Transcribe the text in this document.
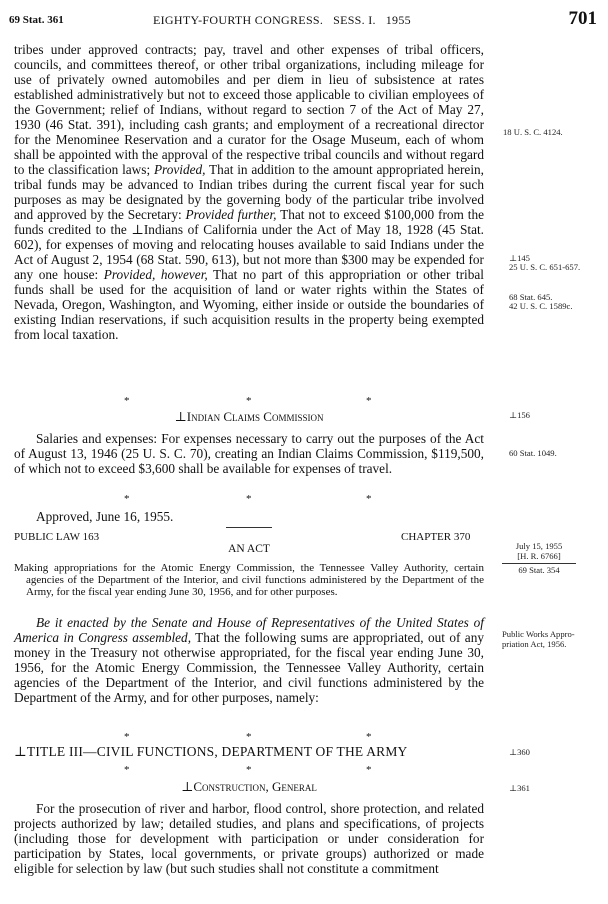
69 Stat. 361	EIGHTY-FOURTH CONGRESS.   SESS. I.   1955	701

tribes under approved contracts; pay, travel and other expenses of tribal officers, councils, and committees thereof, or other tribal organizations, including mileage for use of privately owned automobiles and per diem in lieu of subsistence at rates established administratively but not to exceed those applicable to civilian employees of the Government; relief of Indians, without regard to section 7 of the Act of May 27, 1930 (46 Stat. 391), including cash grants; and employment of a recreational director for the Menominee Reservation and a curator for the Osage Museum, each of whom shall be appointed with the approval of the respective tribal councils and without regard to the classification laws; Provided, That in addition to the amount appropriated herein, tribal funds may be advanced to Indian tribes during the current fiscal year for such purposes as may be designated by the governing body of the particular tribe involved and approved by the Secretary: Provided further, That not to exceed $100,000 from the funds credited to the ⊥Indians of California under the Act of May 18, 1928 (45 Stat. 602), for expenses of moving and relocating houses available to said Indians under the Act of August 2, 1954 (68 Stat. 590, 613), but not more than $300 may be expended for any one house: Provided, however, That no part of this appropriation or other tribal funds shall be used for the acquisition of land or water rights within the States of Nevada, Oregon, Washington, and Wyoming, either inside or outside the boundaries of existing Indian reservations, if such acquisition results in the property being exempted from local taxation.

*	*	*
⊥Indian Claims Commission

Salaries and expenses: For expenses necessary to carry out the purposes of the Act of August 13, 1946 (25 U. S. C. 70), creating an Indian Claims Commission, $119,500, of which not to exceed $3,600 shall be available for expenses of travel.

*	*	*

Approved, June 16, 1955.

PUBLIC LAW 163	CHAPTER 370
AN ACT

Making appropriations for the Atomic Energy Commission, the Tennessee Valley Authority, certain agencies of the Department of the Interior, and civil functions administered by the Department of the Army, for the fiscal year ending June 30, 1956, and for other purposes.

Be it enacted by the Senate and House of Representatives of the United States of America in Congress assembled, That the following sums are appropriated, out of any money in the Treasury not otherwise appropriated, for the fiscal year ending June 30, 1956, for the Atomic Energy Commission, the Tennessee Valley Authority, certain agencies of the Department of the Interior, and civil functions administered by the Department of the Army, and for other purposes, namely:

*	*	*
⊥TITLE III—CIVIL FUNCTIONS, DEPARTMENT OF THE ARMY
*	*	*
⊥Construction, General

For the prosecution of river and harbor, flood control, shore protection, and related projects authorized by law; detailed studies, and plans and specifications, of projects (including those for development with participation or under consideration for participation by States, local governments, or private groups) authorized or made eligible for selection by law (but such studies shall not constitute a commitment

18 U. S. C. 4124.
⊥145
25 U. S. C. 651-657.
68 Stat. 645.
42 U. S. C. 1589c.
⊥156
60 Stat. 1049.
July 15, 1955
[H. R. 6766]
69 Stat. 354
Public Works Appro-
priation Act, 1956.
⊥360
⊥361
